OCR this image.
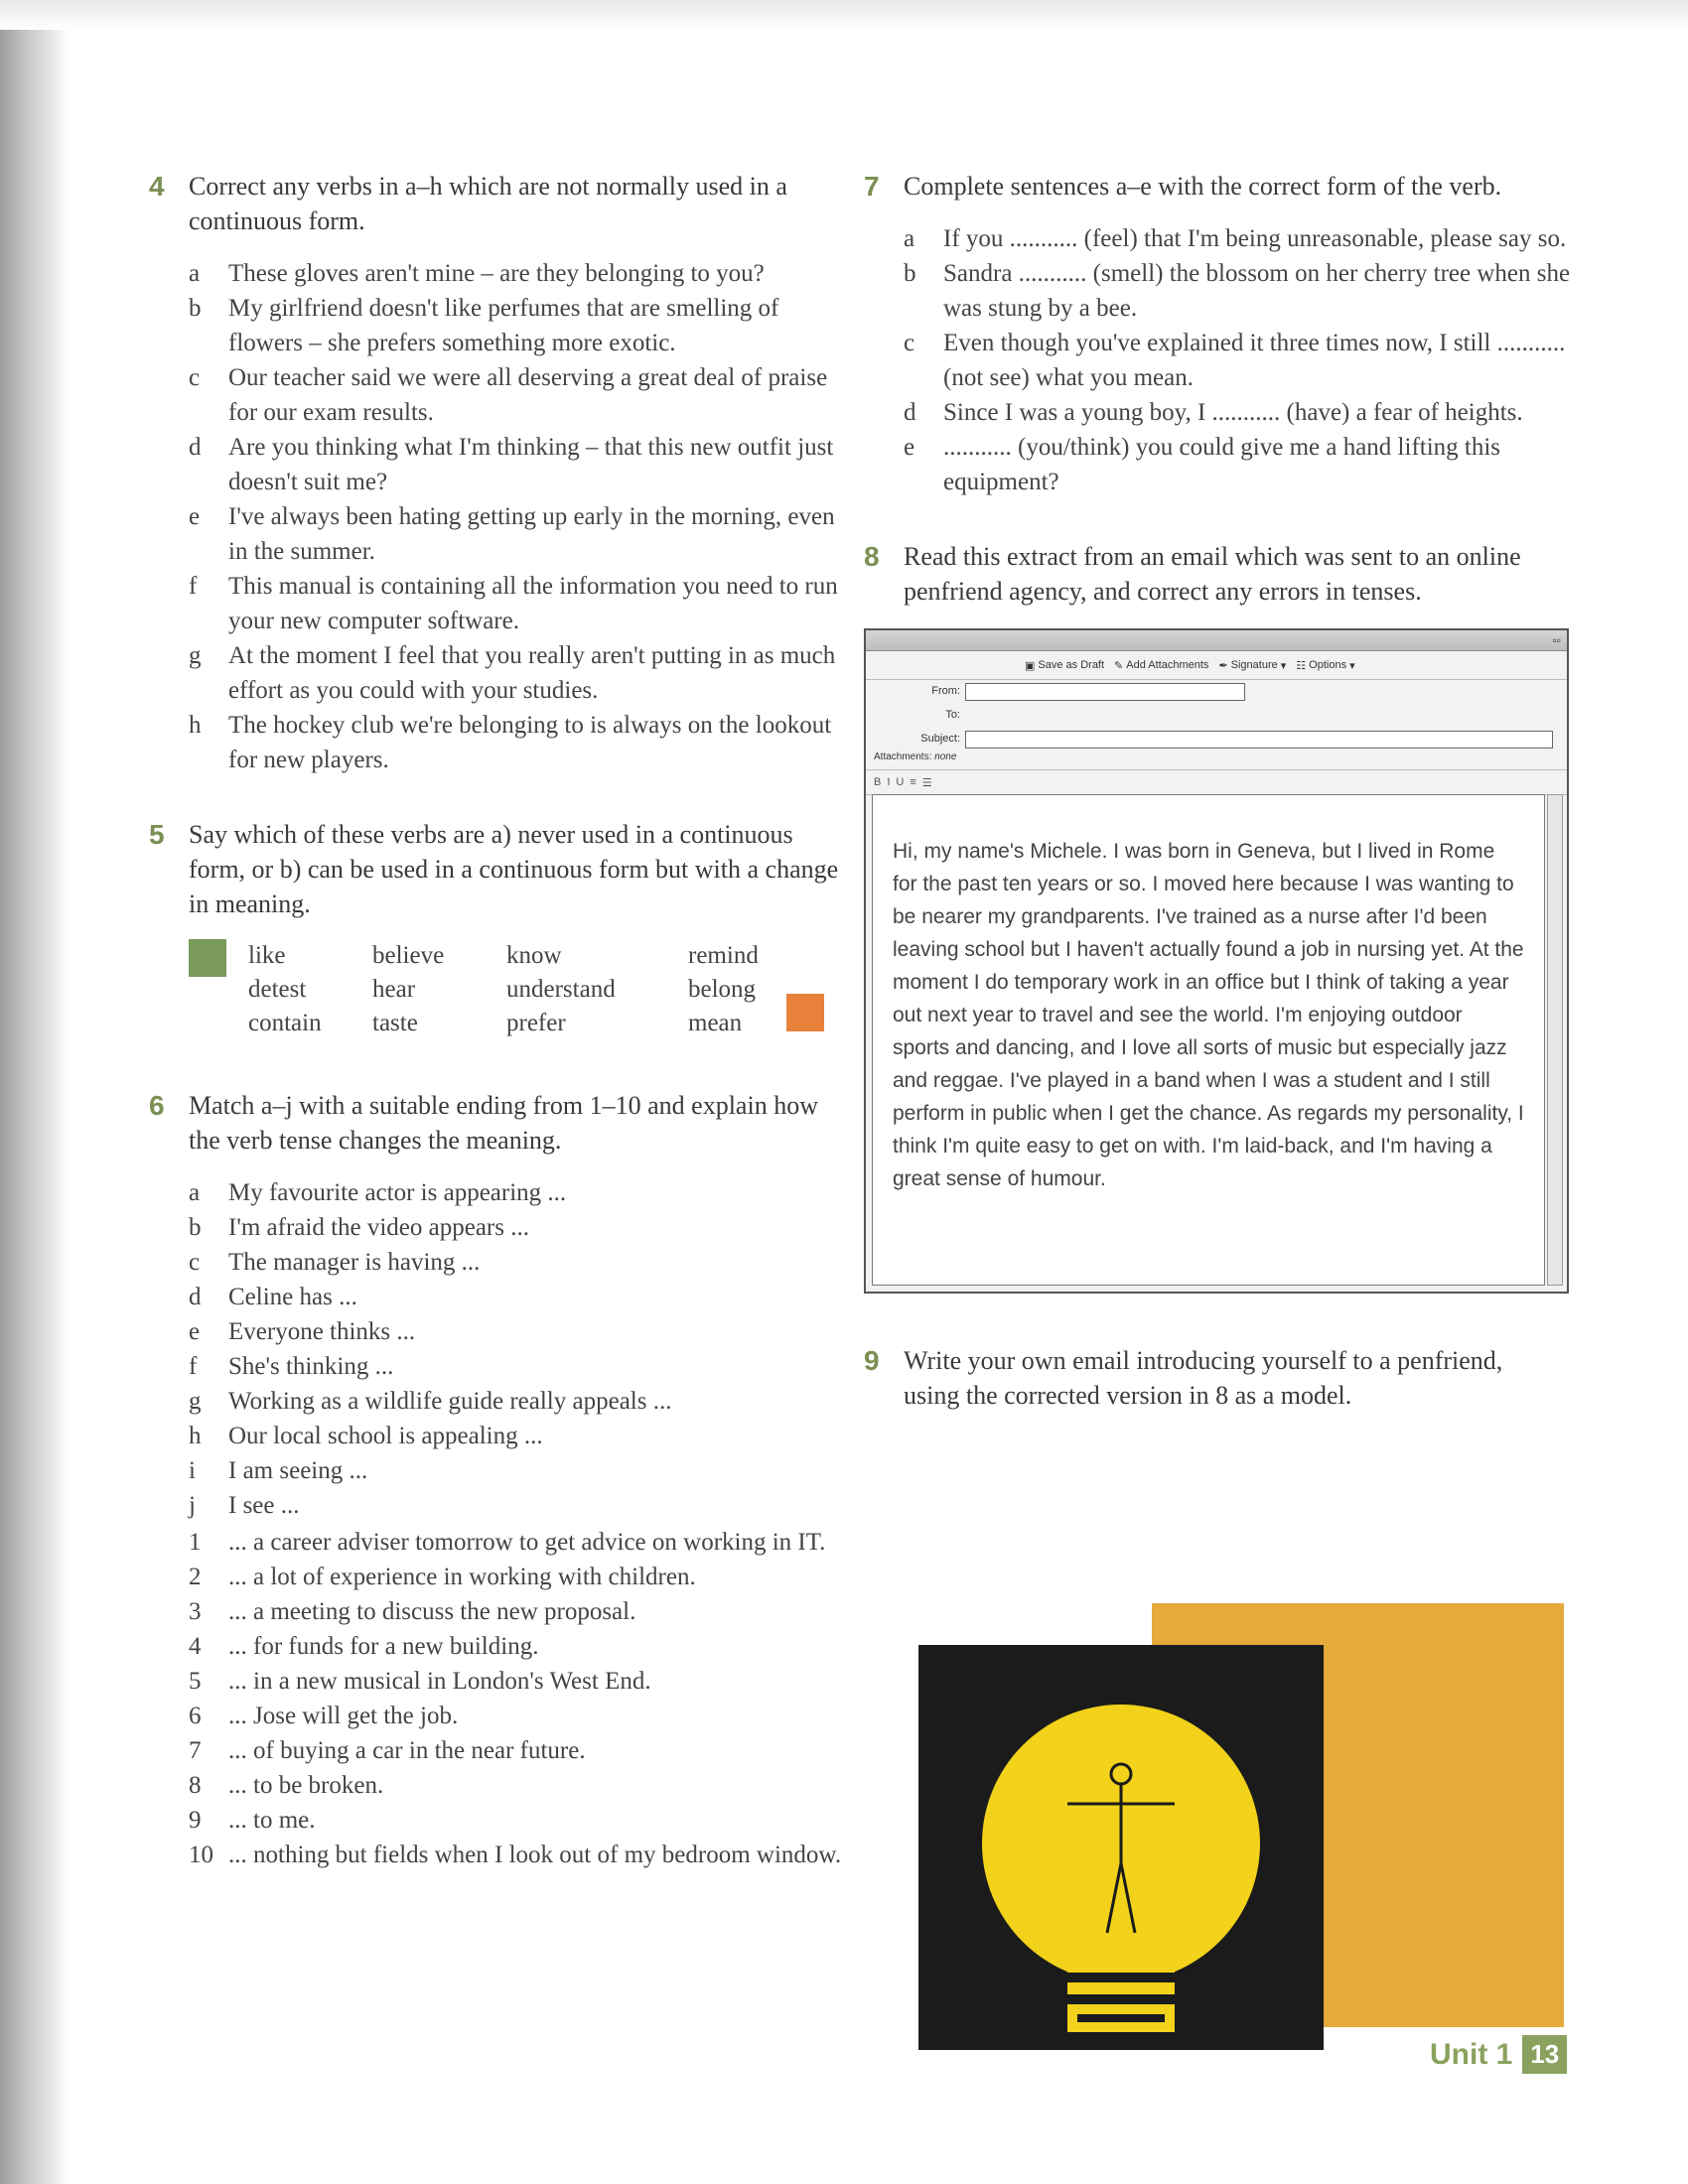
4 Correct any verbs in a–h which are not normally used in a continuous form.

a	These gloves aren't mine – are they belonging to you?
b	My girlfriend doesn't like perfumes that are smelling of flowers – she prefers something more exotic.
c	Our teacher said we were all deserving a great deal of praise for our exam results.
d	Are you thinking what I'm thinking – that this new outfit just doesn't suit me?
e	I've always been hating getting up early in the morning, even in the summer.
f	This manual is containing all the information you need to run your new computer software.
g	At the moment I feel that you really aren't putting in as much effort as you could with your studies.
h	The hockey club we're belonging to is always on the lookout for new players.
5 Say which of these verbs are a) never used in a continuous form, or b) can be used in a continuous form but with a change in meaning.

like	believe	know	remind
detest	hear	understand	belong
contain	taste	prefer	mean
6 Match a–j with a suitable ending from 1–10 and explain how the verb tense changes the meaning.

a	My favourite actor is appearing ...
b	I'm afraid the video appears ...
c	The manager is having ...
d	Celine has ...
e	Everyone thinks ...
f	She's thinking ...
g	Working as a wildlife guide really appeals ...
h	Our local school is appealing ...
i	I am seeing ...
j	I see ...
1	... a career adviser tomorrow to get advice on working in IT.
2	... a lot of experience in working with children.
3	... a meeting to discuss the new proposal.
4	... for funds for a new building.
5	... in a new musical in London's West End.
6	... Jose will get the job.
7	... of buying a car in the near future.
8	... to be broken.
9	... to me.
10 ... nothing but fields when I look out of my bedroom window.
7 Complete sentences a–e with the correct form of the verb.

a	If you ........... (feel) that I'm being unreasonable, please say so.
b	Sandra ........... (smell) the blossom on her cherry tree when she was stung by a bee.
c	Even though you've explained it three times now, I still ........... (not see) what you mean.
d	Since I was a young boy, I ........... (have) a fear of heights.
e	........... (you/think) you could give me a hand lifting this equipment?
8 Read this extract from an email which was sent to an online penfriend agency, and correct any errors in tenses.

▫▫
▣ Save as Draft ✎ Add Attachments ✒ Signature ▾ ☷ Options ▾
From:
To:
Subject:
Attachments: none
B I U ≡ ☰
Hi, my name's Michele. I was born in Geneva, but I lived in Rome for the past ten years or so. I moved here because I was wanting to be nearer my grandparents. I've trained as a nurse after I'd been leaving school but I haven't actually found a job in nursing yet. At the moment I do temporary work in an office but I think of taking a year out next year to travel and see the world. I'm enjoying outdoor sports and dancing, and I love all sorts of music but especially jazz and reggae. I've played in a band when I was a student and I still perform in public when I get the chance. As regards my personality, I think I'm quite easy to get on with. I'm laid-back, and I'm having a great sense of humour.
9 Write your own email introducing yourself to a penfriend, using the corrected version in 8 as a model.

I think, therefore I am
Unit 1 13
